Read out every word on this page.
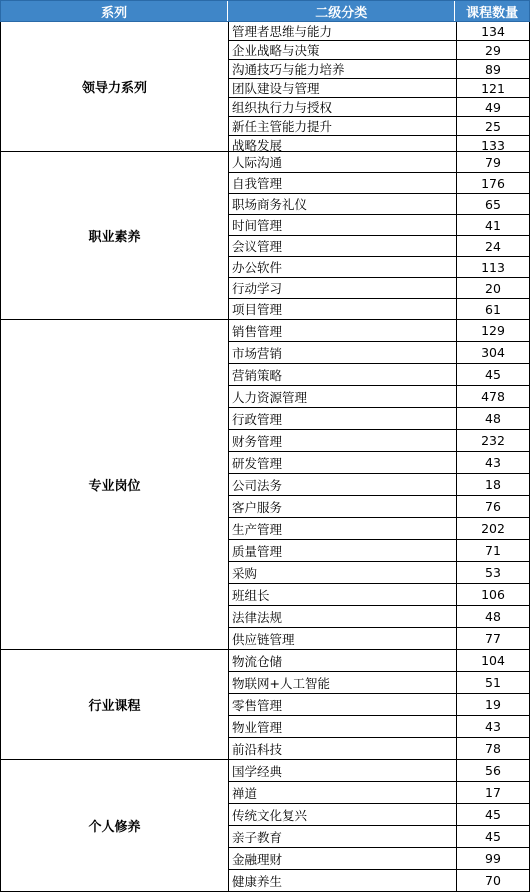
系列	二级分类	课程数量
领导力系列
管理者思维与能力	134
企业战略与决策	29
沟通技巧与能力培养	89
团队建设与管理	121
组织执行力与授权	49
新任主管能力提升	25
战略发展	133
职业素养
人际沟通	79
自我管理	176
职场商务礼仪	65
时间管理	41
会议管理	24
办公软件	113
行动学习	20
项目管理	61
专业岗位
销售管理	129
市场营销	304
营销策略	45
人力资源管理	478
行政管理	48
财务管理	232
研发管理	43
公司法务	18
客户服务	76
生产管理	202
质量管理	71
采购	53
班组长	106
法律法规	48
供应链管理	77
行业课程
物流仓储	104
物联网+人工智能	51
零售管理	19
物业管理	43
前沿科技	78
个人修养
国学经典	56
禅道	17
传统文化复兴	45
亲子教育	45
金融理财	99
健康养生	70
